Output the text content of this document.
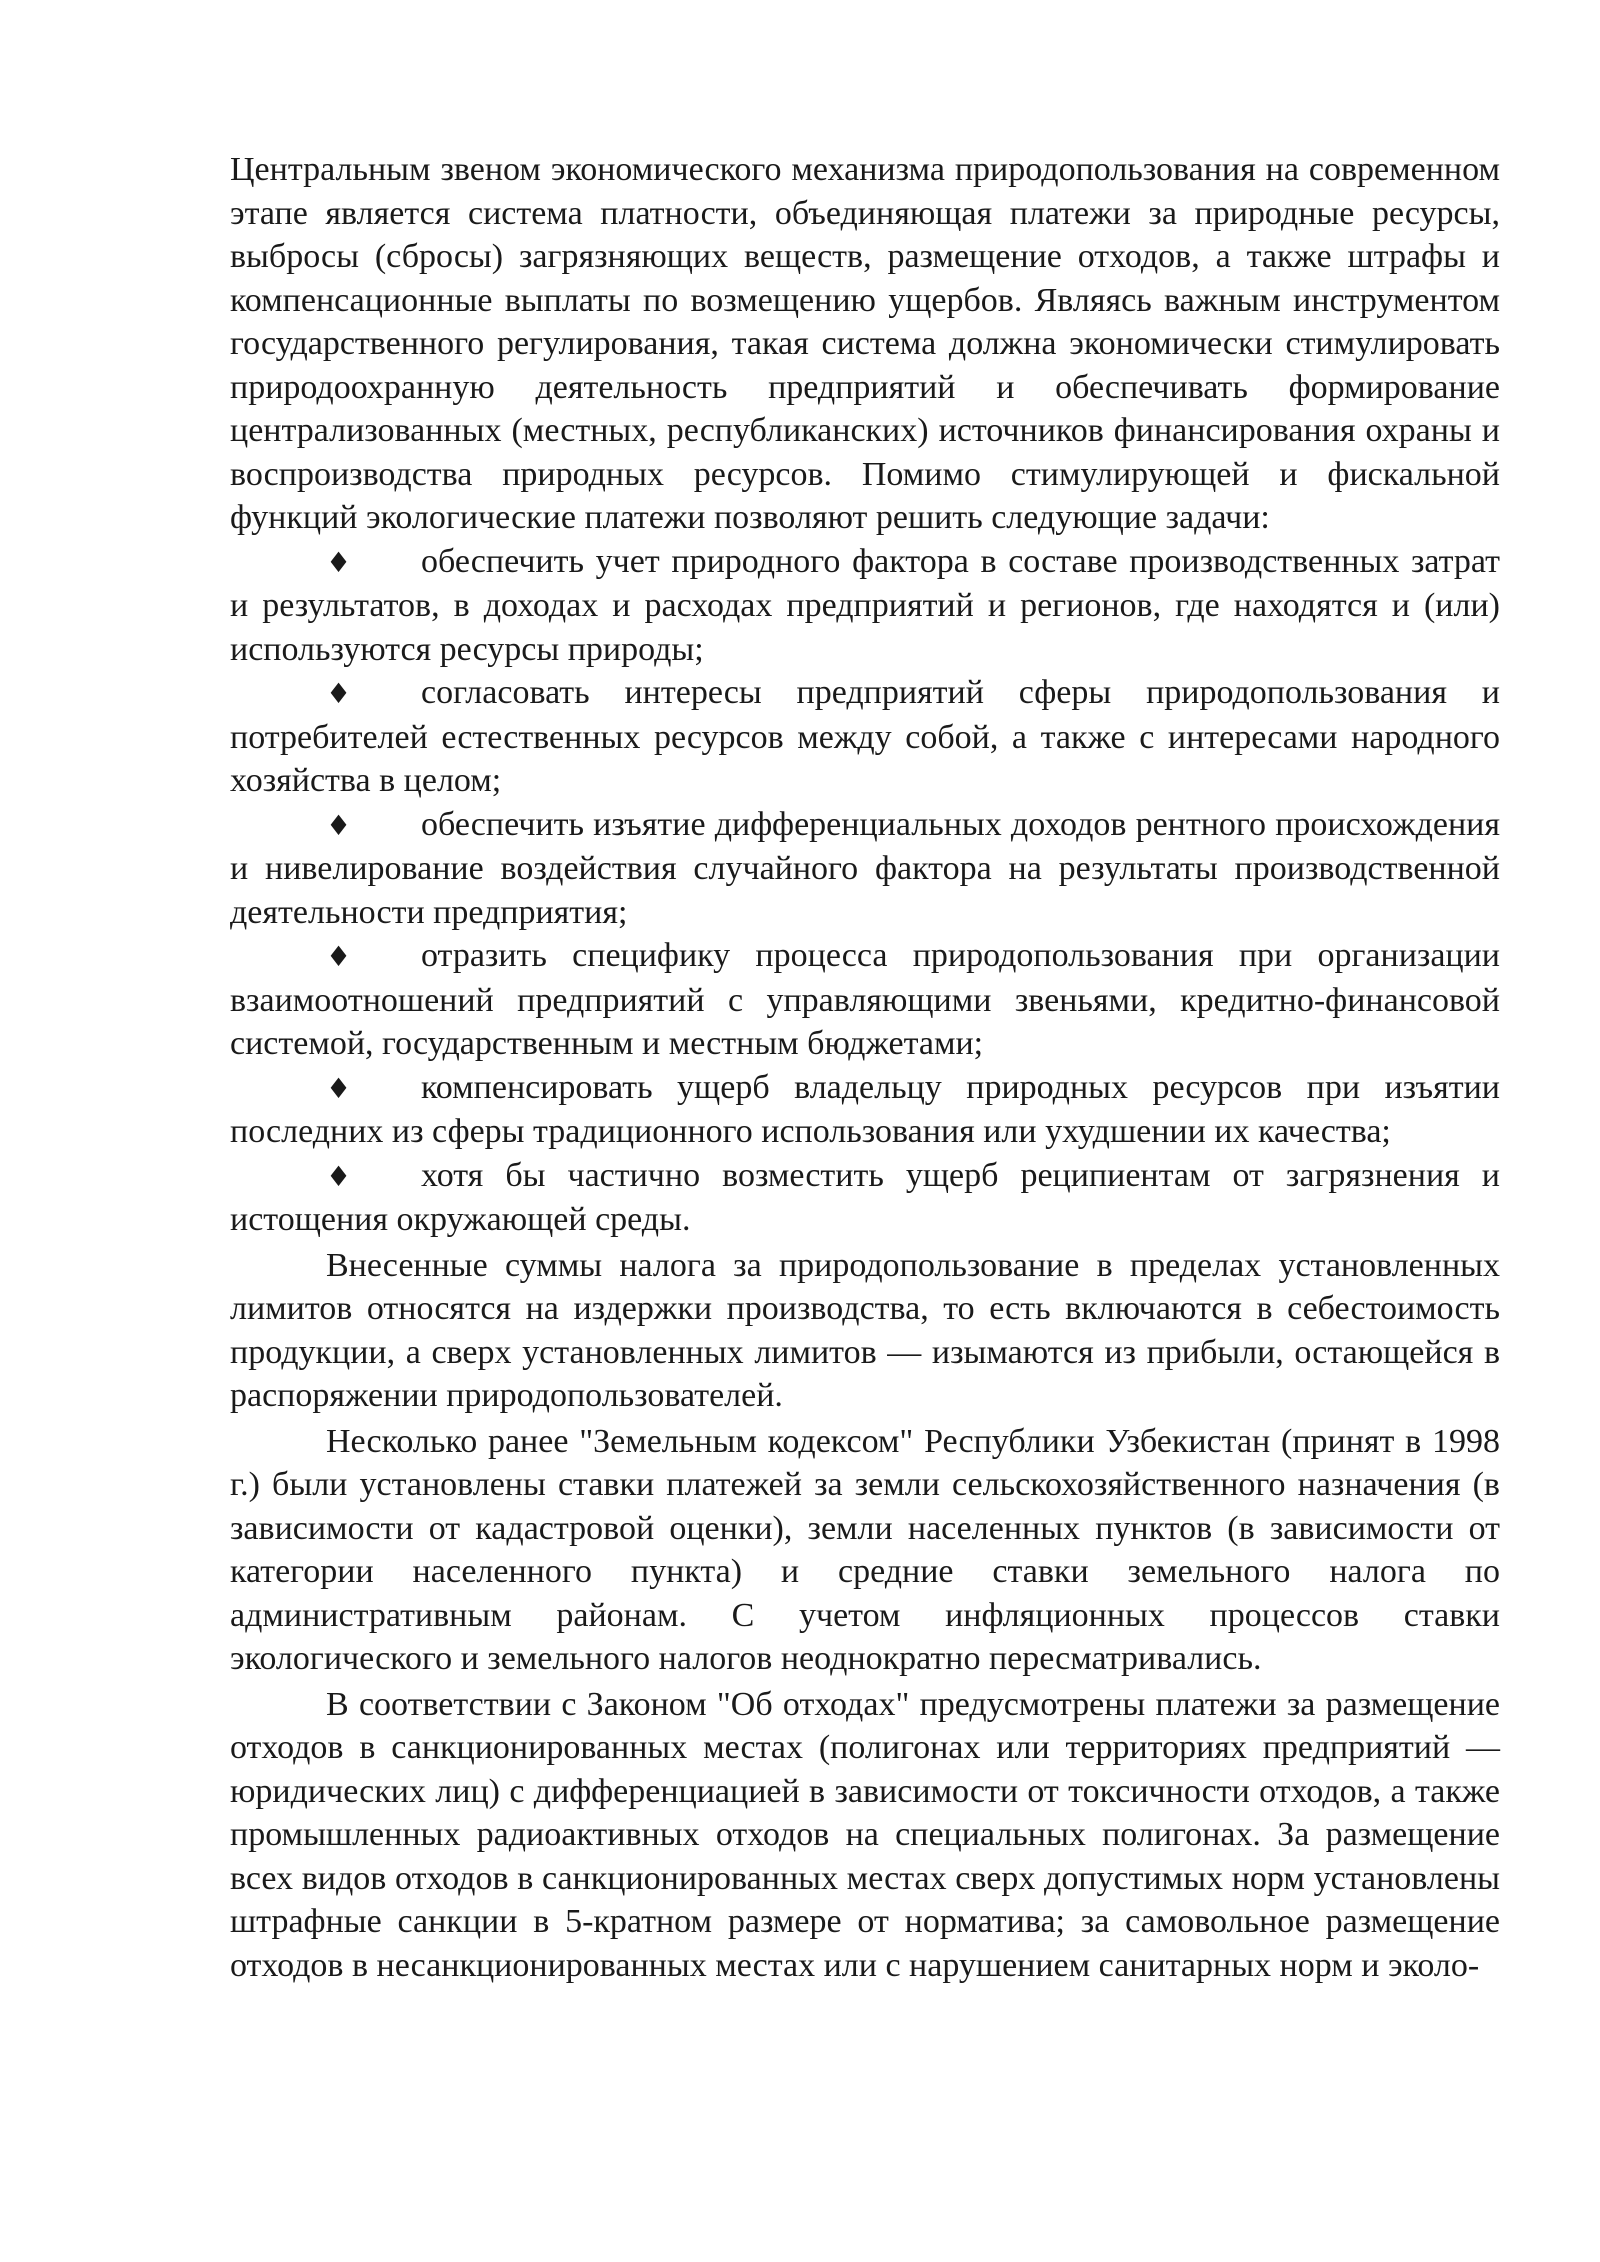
Центральным звеном экономического механизма природопользования на современном этапе является система платности, объединяющая платежи за природные ресурсы, выбросы (сбросы) загрязняющих веществ, размещение отходов, а также штрафы и компенсационные выплаты по возмещению ущербов. Являясь важным инструментом государственного регулирования, такая система должна экономически стимулировать природоохранную деятельность предприятий и обеспечивать формирование централизованных (местных, республиканских) источников финансирования охраны и воспроизводства природных ресурсов. Помимо стимулирующей и фискальной функций экологические платежи позволяют решить следующие задачи:

♦ обеспечить учет природного фактора в составе производственных затрат и результатов, в доходах и расходах предприятий и регионов, где находятся и (или) используются ресурсы природы;

♦ согласовать интересы предприятий сферы природопользования и потребителей естественных ресурсов между собой, а также с интересами народного хозяйства в целом;

♦ обеспечить изъятие дифференциальных доходов рентного происхождения и нивелирование воздействия случайного фактора на результаты производственной деятельности предприятия;

♦ отразить специфику процесса природопользования при организации взаимоотношений предприятий с управляющими звеньями, кредитно-финансовой системой, государственным и местным бюджетами;

♦ компенсировать ущерб владельцу природных ресурсов при изъятии последних из сферы традиционного использования или ухудшении их качества;

♦ хотя бы частично возместить ущерб реципиентам от загрязнения и истощения окружающей среды.

Внесенные суммы налога за природопользование в пределах установленных лимитов относятся на издержки производства, то есть включаются в себестоимость продукции, а сверх установленных лимитов — изымаются из прибыли, остающейся в распоряжении природопользователей.

Несколько ранее "Земельным кодексом" Республики Узбекистан (принят в 1998 г.) были установлены ставки платежей за земли сельскохозяйственного назначения (в зависимости от кадастровой оценки), земли населенных пунктов (в зависимости от категории населенного пункта) и средние ставки земельного налога по административным районам. С учетом инфляционных процессов ставки экологического и земельного налогов неоднократно пересматривались.

В соответствии с Законом "Об отходах" предусмотрены платежи за размещение отходов в санкционированных местах (полигонах или территориях предприятий — юридических лиц) с дифференциацией в зависимости от токсичности отходов, а также промышленных радиоактивных отходов на специальных полигонах. За размещение всех видов отходов в санкционированных местах сверх допустимых норм установлены штрафные санкции в 5-кратном размере от норматива; за самовольное размещение отходов в несанкционированных местах или с нарушением санитарных норм и эколо-
